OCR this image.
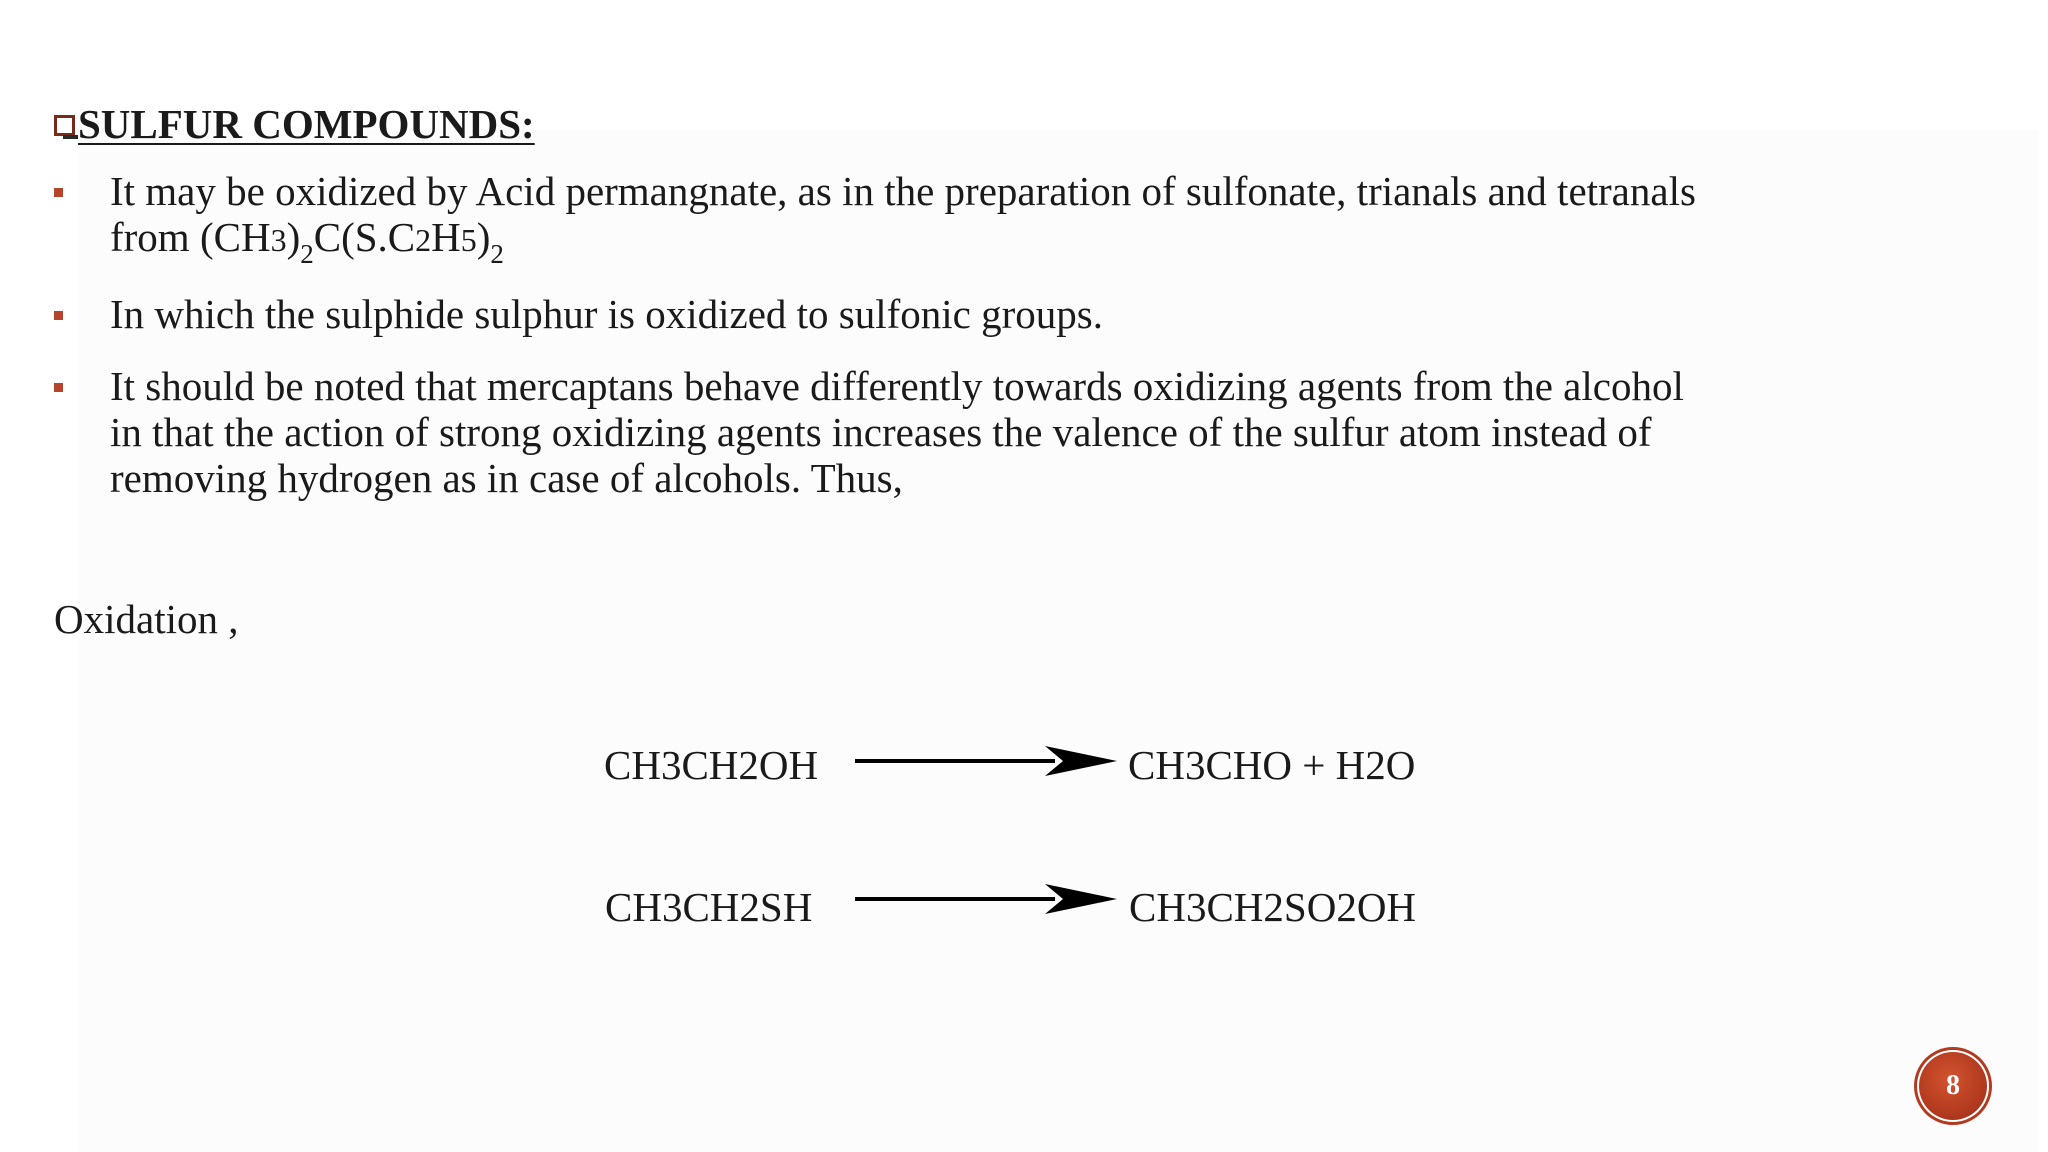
SULFUR COMPOUNDS:
It may be oxidized by Acid permangnate, as in the preparation of sulfonate, trianals and tetranals
from $(CH3)_2C(S.C2H5)_2$
In which the sulphide sulphur is oxidized to sulfonic groups.
It should be noted that mercaptans behave differently towards oxidizing agents from the alcohol
in that the action of strong oxidizing agents increases the valence of the sulfur atom instead of
removing hydrogen as in case of alcohols. Thus,
Oxidation ,
CH3CH2OH	CH3CHO + H2O
CH3CH2SH	CH3CH2SO2OH
8
